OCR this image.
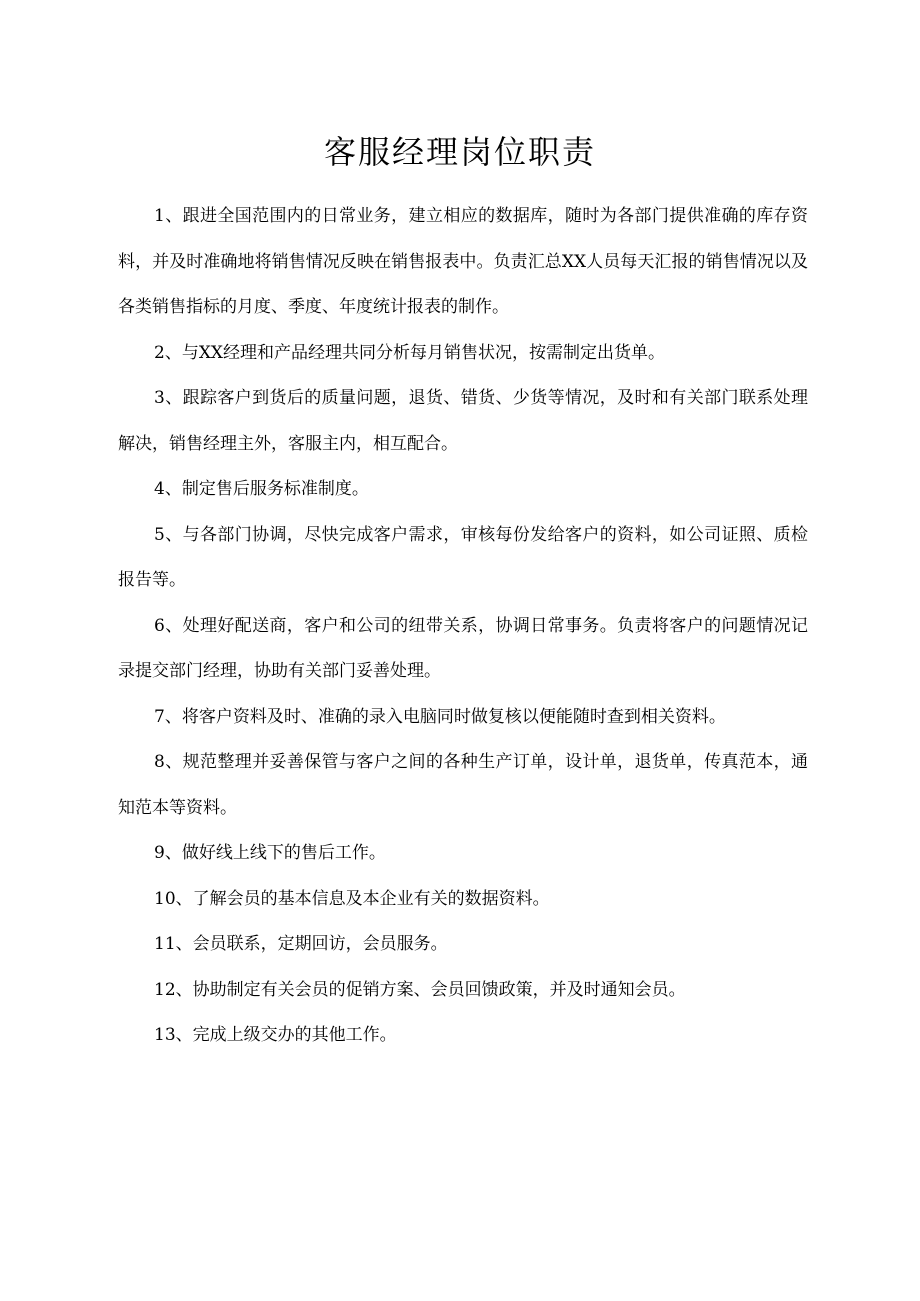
客服经理岗位职责

1、跟进全国范围内的日常业务，建立相应的数据库，随时为各部门提供准确的库存资料，并及时准确地将销售情况反映在销售报表中。负责汇总XX人员每天汇报的销售情况以及各类销售指标的月度、季度、年度统计报表的制作。

2、与XX经理和产品经理共同分析每月销售状况，按需制定出货单。

3、跟踪客户到货后的质量问题，退货、错货、少货等情况，及时和有关部门联系处理解决，销售经理主外，客服主内，相互配合。

4、制定售后服务标准制度。

5、与各部门协调，尽快完成客户需求，审核每份发给客户的资料，如公司证照、质检报告等。

6、处理好配送商，客户和公司的纽带关系，协调日常事务。负责将客户的问题情况记录提交部门经理，协助有关部门妥善处理。

7、将客户资料及时、准确的录入电脑同时做复核以便能随时查到相关资料。

8、规范整理并妥善保管与客户之间的各种生产订单，设计单，退货单，传真范本，通知范本等资料。

9、做好线上线下的售后工作。

10、了解会员的基本信息及本企业有关的数据资料。

11、会员联系，定期回访，会员服务。

12、协助制定有关会员的促销方案、会员回馈政策，并及时通知会员。

13、完成上级交办的其他工作。
